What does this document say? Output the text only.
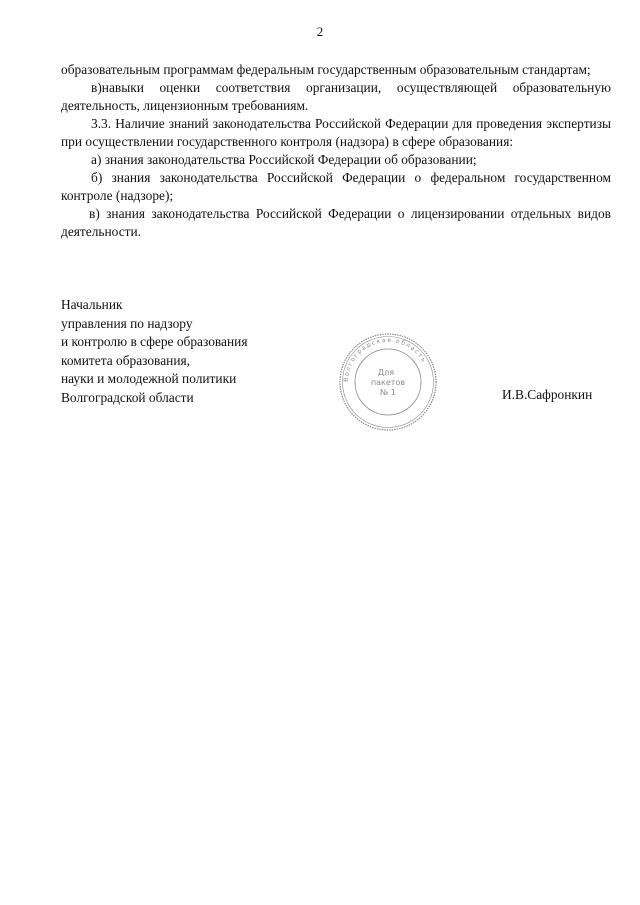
2

образовательным программам федеральным государственным образовательным стандартам;

в)навыки оценки соответствия организации, осуществляющей образовательную деятельность, лицензионным требованиям.

3.3. Наличие знаний законодательства Российской Федерации для проведения экспертизы при осуществлении государственного контроля (надзора) в сфере образования:

а) знания законодательства Российской Федерации об образовании;

б) знания законодательства Российской Федерации о федеральном государственном контроле (надзоре);

в) знания законодательства Российской Федерации о лицензировании отдельных видов деятельности.

Начальник
управления по надзору
и контролю в сфере образования
комитета образования,
науки и молодежной политики
Волгоградской области
Волгоградская область
Для
пакетов
№ 1	И.В.Сафронкин
